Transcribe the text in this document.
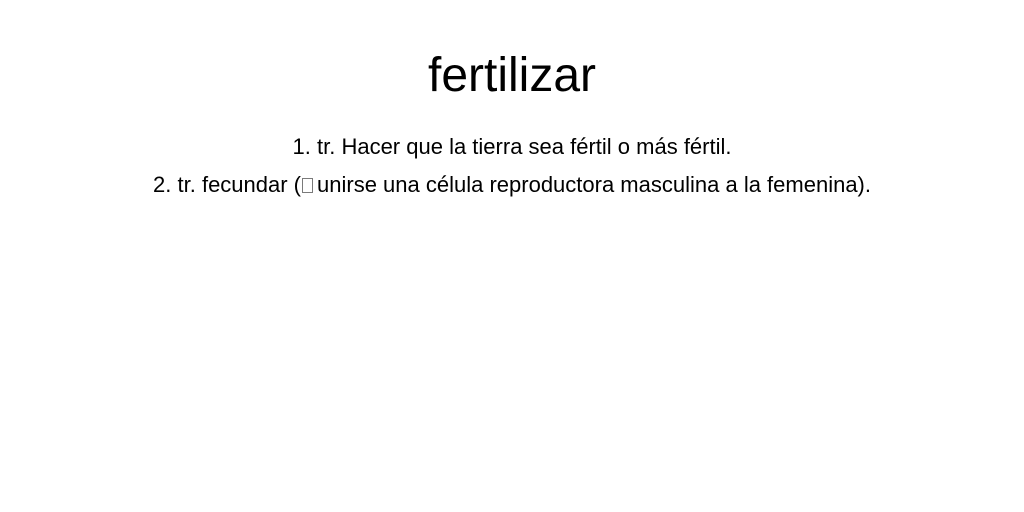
fertilizar
1. tr. Hacer que la tierra sea fértil o más fértil.
2. tr. fecundar ( unirse una célula reproductora masculina a la femenina).
